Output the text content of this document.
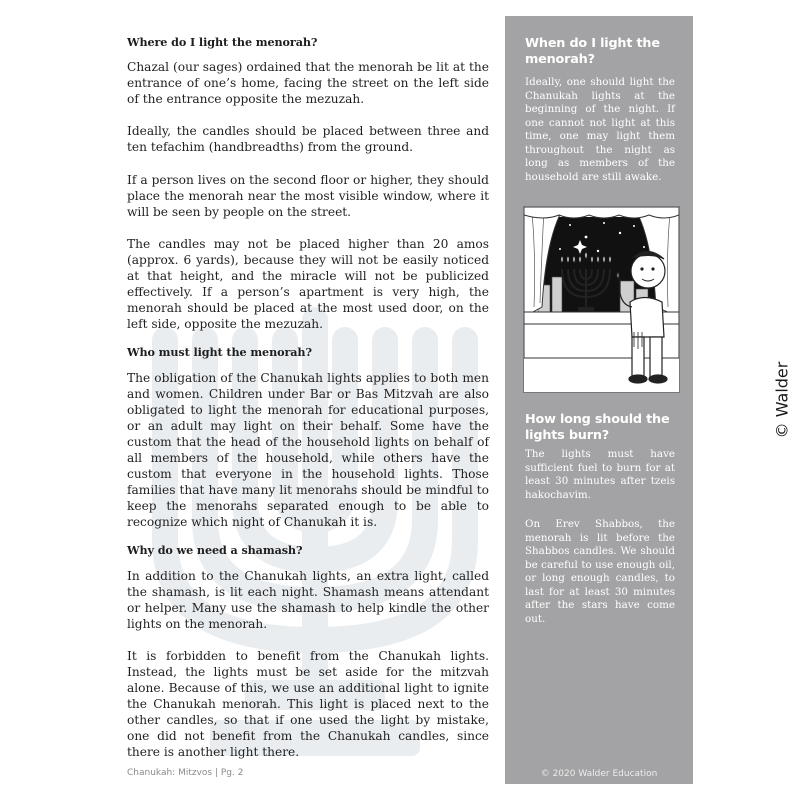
Where do I light the menorah?

Chazal (our sages) ordained that the menorah be lit at the entrance of one’s home, facing the street on the left side of the entrance opposite the mezuzah.

Ideally, the candles should be placed between three and ten tefachim (handbreadths) from the ground.

If a person lives on the second floor or higher, they should place the menorah near the most visible window, where it will be seen by people on the street.

The candles may not be placed higher than 20 amos (approx. 6 yards), because they will not be easily noticed at that height, and the miracle will not be publicized effectively. If a person’s apartment is very high, the menorah should be placed at the most used door, on the left side, opposite the mezuzah.

Who must light the menorah?

The obligation of the Chanukah lights applies to both men and women. Children under Bar or Bas Mitzvah are also obligated to light the menorah for educational purposes, or an adult may light on their behalf. Some have the custom that the head of the household lights on behalf of all members of the household, while others have the custom that everyone in the household lights. Those families that have many lit menorahs should be mindful to keep the menorahs separated enough to be able to recognize which night of Chanukah it is.

Why do we need a shamash?

In addition to the Chanukah lights, an extra light, called the shamash, is lit each night. Shamash means attendant or helper. Many use the shamash to help kindle the other lights on the menorah.

It is forbidden to benefit from the Chanukah lights. Instead, the lights must be set aside for the mitzvah alone. Because of this, we use an additional light to ignite the Chanukah menorah. This light is placed next to the other candles, so that if one used the light by mistake, one did not benefit from the Chanukah candles, since there is another light there.

Chanukah: Mitzvos | Pg. 2
When do I light the menorah?

Ideally, one should light the Chanukah lights at the beginning of the night. If one cannot not light at this time, one may light them throughout the night as long as members of the household are still awake.

How long should the lights burn?

The lights must have sufficient fuel to burn for at least 30 minutes after tzeis hakochavim.

On Erev Shabbos, the menorah is lit before the Shabbos candles. We should be careful to use enough oil, or long enough candles, to last for at least 30 minutes after the stars have come out.

© 2020 Walder Education
© Walder
